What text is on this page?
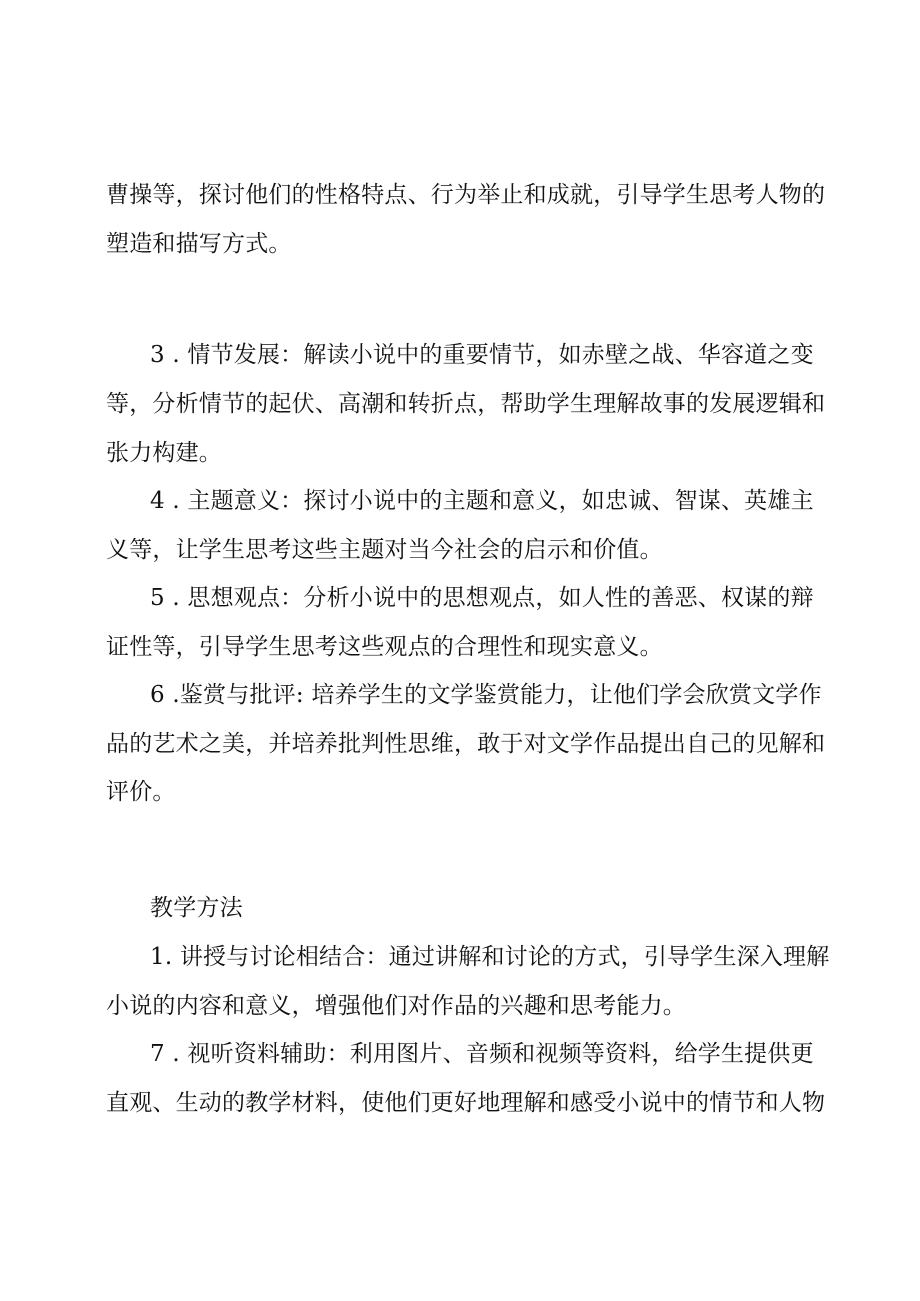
曹操等，探讨他们的性格特点、行为举止和成就，引导学生思考人物的
塑造和描写方式。
3 . 情节发展：解读小说中的重要情节，如赤壁之战、华容道之变
等，分析情节的起伏、高潮和转折点，帮助学生理解故事的发展逻辑和
张力构建。
4 . 主题意义：探讨小说中的主题和意义，如忠诚、智谋、英雄主
义等，让学生思考这些主题对当今社会的启示和价值。
5 . 思想观点：分析小说中的思想观点，如人性的善恶、权谋的辩
证性等，引导学生思考这些观点的合理性和现实意义。
6 .鉴赏与批评: 培养学生的文学鉴赏能力，让他们学会欣赏文学作
品的艺术之美，并培养批判性思维，敢于对文学作品提出自己的见解和
评价。
教学方法
1. 讲授与讨论相结合：通过讲解和讨论的方式，引导学生深入理解
小说的内容和意义，增强他们对作品的兴趣和思考能力。
7 . 视听资料辅助：利用图片、音频和视频等资料，给学生提供更
直观、生动的教学材料，使他们更好地理解和感受小说中的情节和人物
